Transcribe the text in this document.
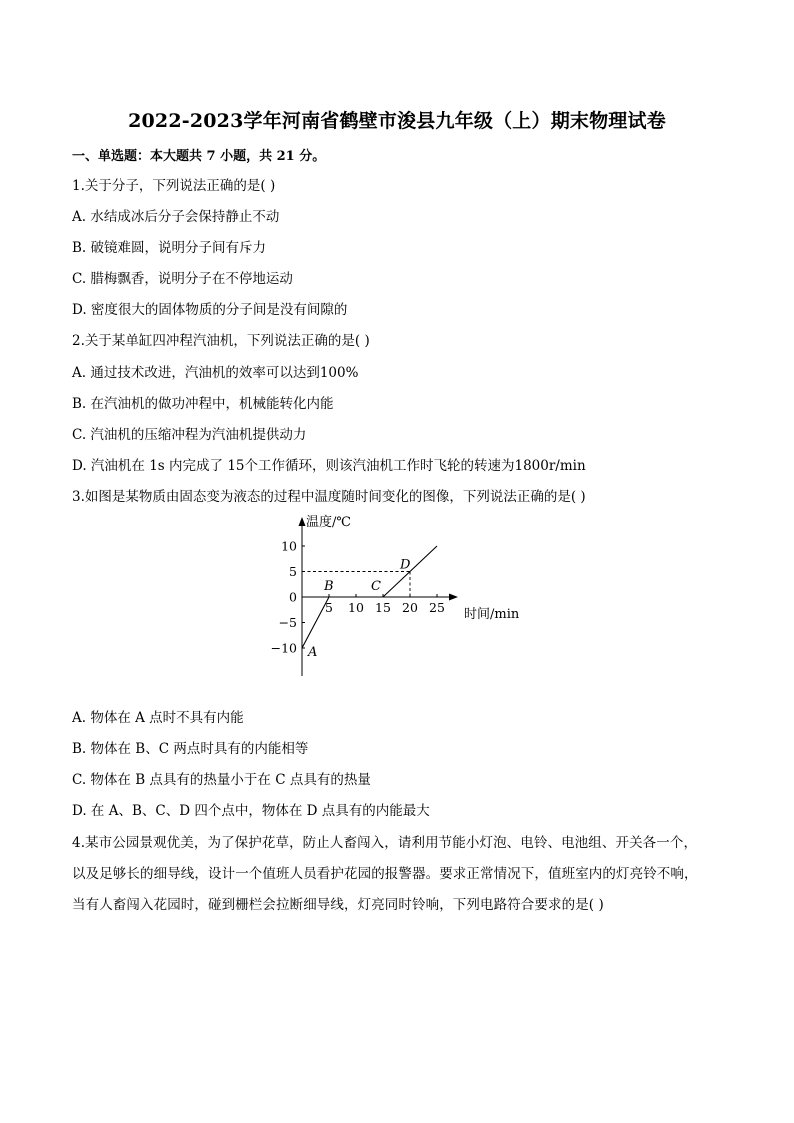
2022-2023学年河南省鹤壁市浚县九年级（上）期末物理试卷
一、单选题：本大题共 7 小题，共 21 分。
1.关于分子，下列说法正确的是( )
A. 水结成冰后分子会保持静止不动
B. 破镜难圆，说明分子间有斥力
C. 腊梅飘香，说明分子在不停地运动
D. 密度很大的固体物质的分子间是没有间隙的
2.关于某单缸四冲程汽油机，下列说法正确的是( )
A. 通过技术改进，汽油机的效率可以达到100%
B. 在汽油机的做功冲程中，机械能转化内能
C. 汽油机的压缩冲程为汽油机提供动力
D. 汽油机在 1s 内完成了 15个工作循环，则该汽油机工作时飞轮的转速为1800r/min
3.如图是某物质由固态变为液态的过程中温度随时间变化的图像，下列说法正确的是( )
温度/℃
时间/min
5 10 15 20 25
10
5
0
−5
−10 A
B	C
D
A. 物体在 A 点时不具有内能
B. 物体在 B、C 两点时具有的内能相等
C. 物体在 B 点具有的热量小于在 C 点具有的热量
D. 在 A、B、C、D 四个点中，物体在 D 点具有的内能最大
4.某市公园景观优美，为了保护花草，防止人畜闯入，请利用节能小灯泡、电铃、电池组、开关各一个，
以及足够长的细导线，设计一个值班人员看护花园的报警器。要求正常情况下，值班室内的灯亮铃不响，
当有人畜闯入花园时，碰到栅栏会拉断细导线，灯亮同时铃响，下列电路符合要求的是( )
